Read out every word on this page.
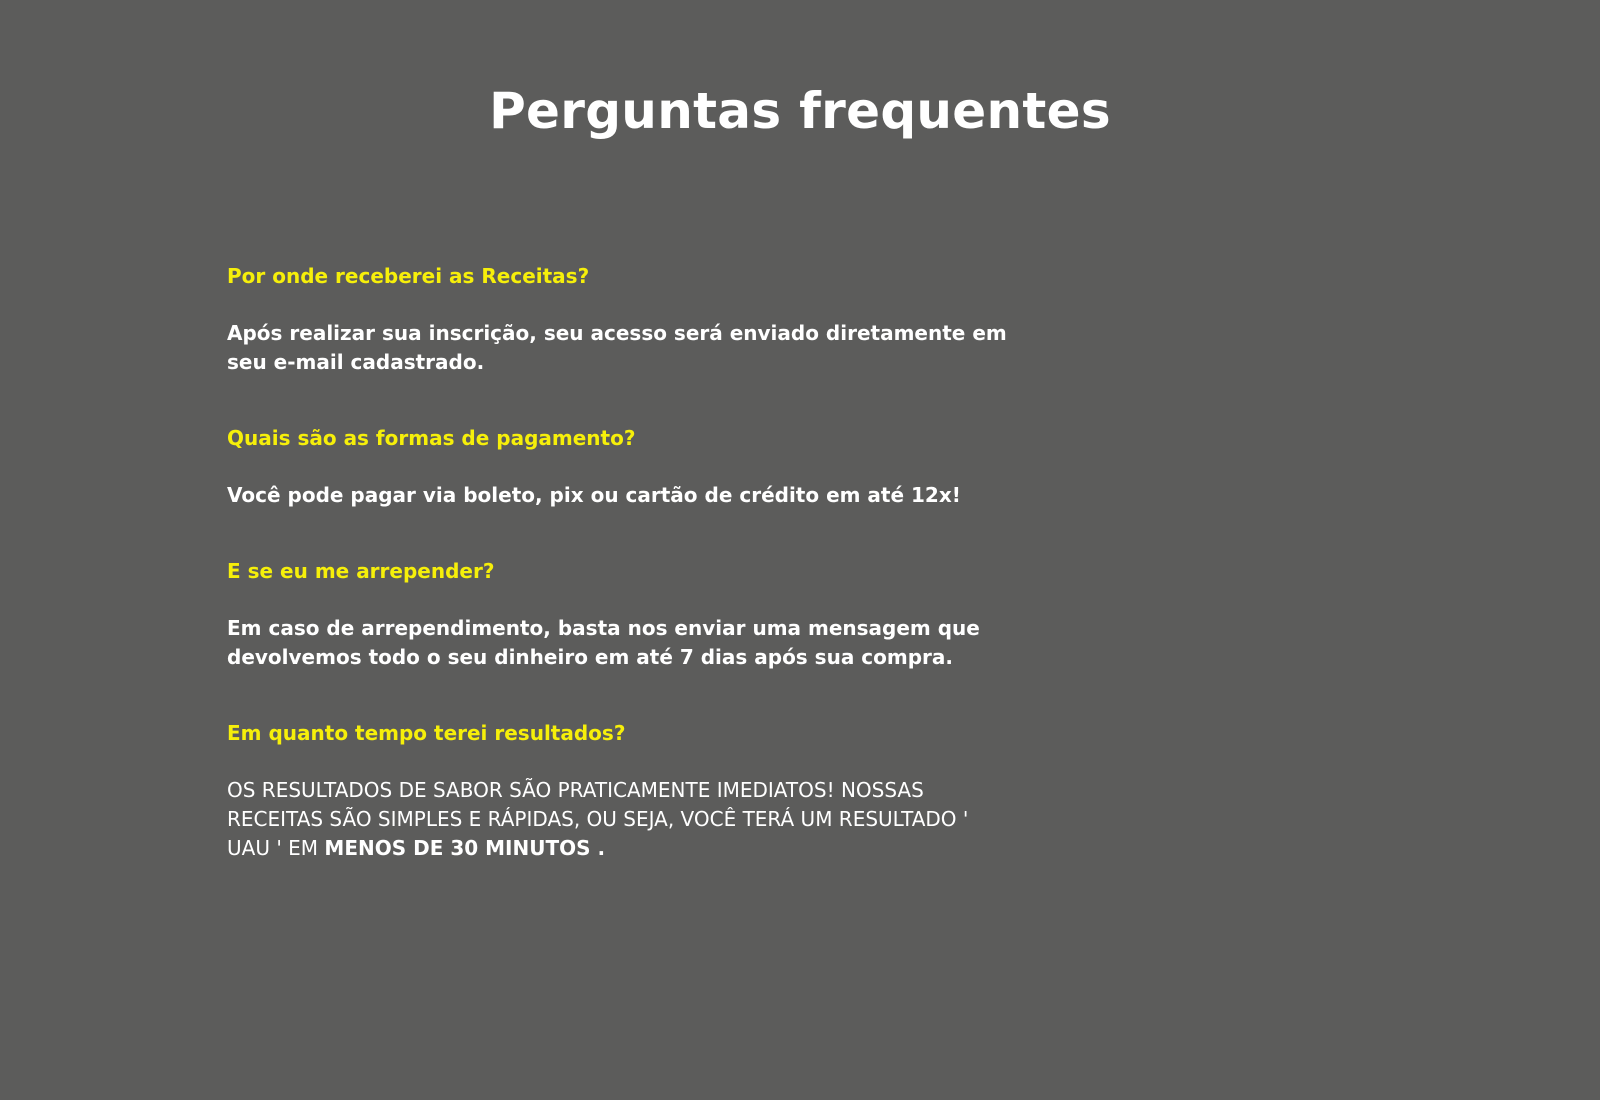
Perguntas frequentes

Por onde receberei as Receitas?

Após realizar sua inscrição, seu acesso será enviado diretamente em seu e-mail cadastrado.

Quais são as formas de pagamento?

Você pode pagar via boleto, pix ou cartão de crédito em até 12x!

E se eu me arrepender?

Em caso de arrependimento, basta nos enviar uma mensagem que devolvemos todo o seu dinheiro em até 7 dias após sua compra.

Em quanto tempo terei resultados?

OS RESULTADOS DE SABOR SÃO PRATICAMENTE IMEDIATOS! NOSSAS RECEITAS SÃO SIMPLES E RÁPIDAS, OU SEJA, VOCÊ TERÁ UM RESULTADO ' UAU ' EM MENOS DE 30 MINUTOS .
